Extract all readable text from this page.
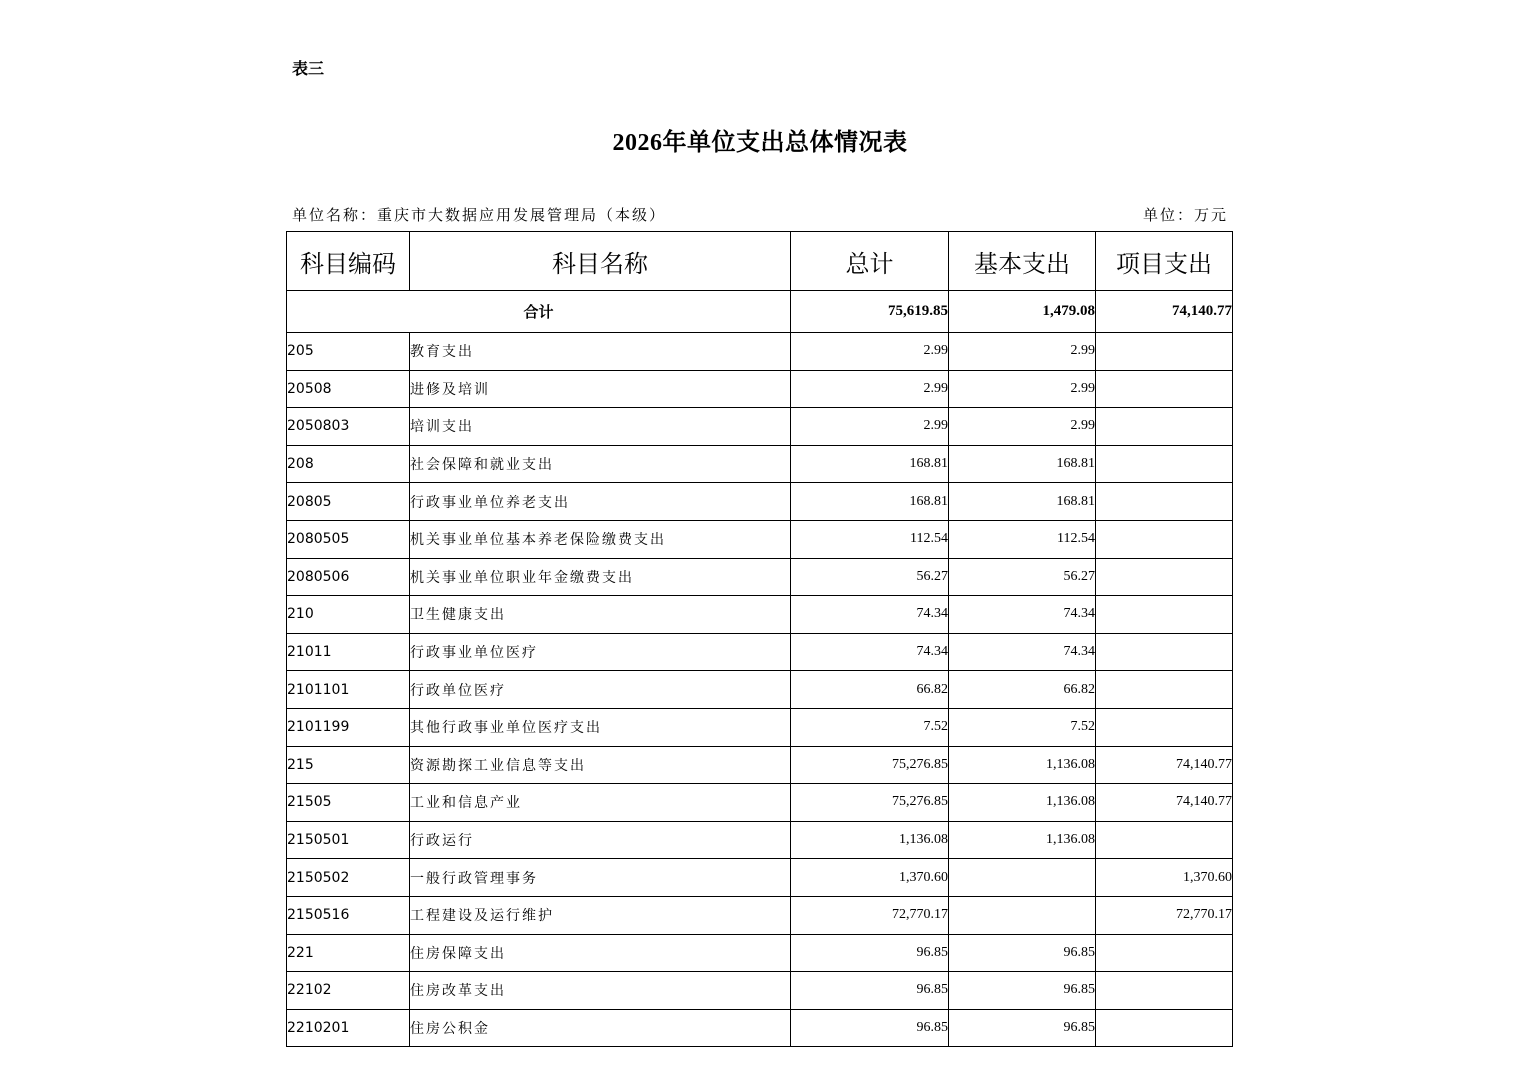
表三
2026年单位支出总体情况表
单位名称：重庆市大数据应用发展管理局（本级）	单位：万元
科目编码	科目名称	总计	基本支出	项目支出
合计		75,619.85	1,479.08	74,140.77
205	教育支出	2.99	2.99	
20508	进修及培训	2.99	2.99	
2050803	培训支出	2.99	2.99	
208	社会保障和就业支出	168.81	168.81	
20805	行政事业单位养老支出	168.81	168.81	
2080505	机关事业单位基本养老保险缴费支出	112.54	112.54	
2080506	机关事业单位职业年金缴费支出	56.27	56.27	
210	卫生健康支出	74.34	74.34	
21011	行政事业单位医疗	74.34	74.34	
2101101	行政单位医疗	66.82	66.82	
2101199	其他行政事业单位医疗支出	7.52	7.52	
215	资源勘探工业信息等支出	75,276.85	1,136.08	74,140.77
21505	工业和信息产业	75,276.85	1,136.08	74,140.77
2150501	行政运行	1,136.08	1,136.08	
2150502	一般行政管理事务	1,370.60		1,370.60
2150516	工程建设及运行维护	72,770.17		72,770.17
221	住房保障支出	96.85	96.85	
22102	住房改革支出	96.85	96.85	
2210201	住房公积金	96.85	96.85	
